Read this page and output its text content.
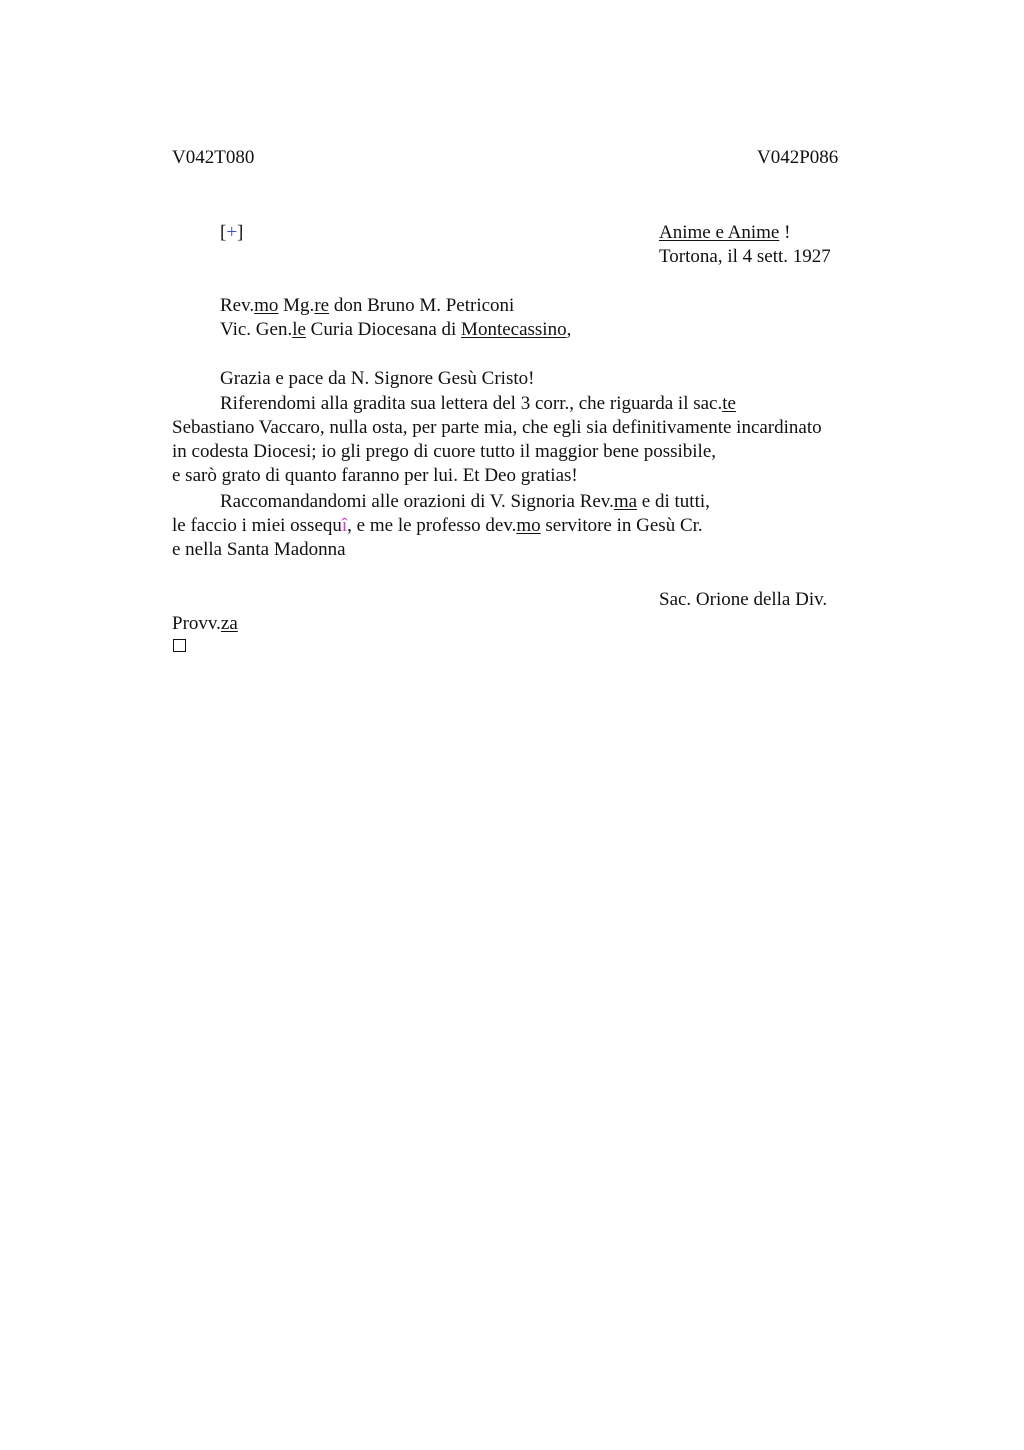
V042T080	V042P086
[+]	Anime e Anime !
Tortona, il 4 sett. 1927
Rev.mo Mg.re don Bruno M. Petriconi
Vic. Gen.le Curia Diocesana di Montecassino,
Grazia e pace da N. Signore Gesù Cristo!
Riferendomi alla gradita sua lettera del 3 corr., che riguarda il sac.te
Sebastiano Vaccaro, nulla osta, per parte mia, che egli sia definitivamente incardinato
in codesta Diocesi; io gli prego di cuore tutto il maggior bene possibile,
e sarò grato di quanto faranno per lui. Et Deo gratias!
Raccomandandomi alle orazioni di V. Signoria Rev.ma e di tutti,
le faccio i miei ossequî, e me le professo dev.mo servitore in Gesù Cr.
e nella Santa Madonna
Sac. Orione della Div.
Provv.za
